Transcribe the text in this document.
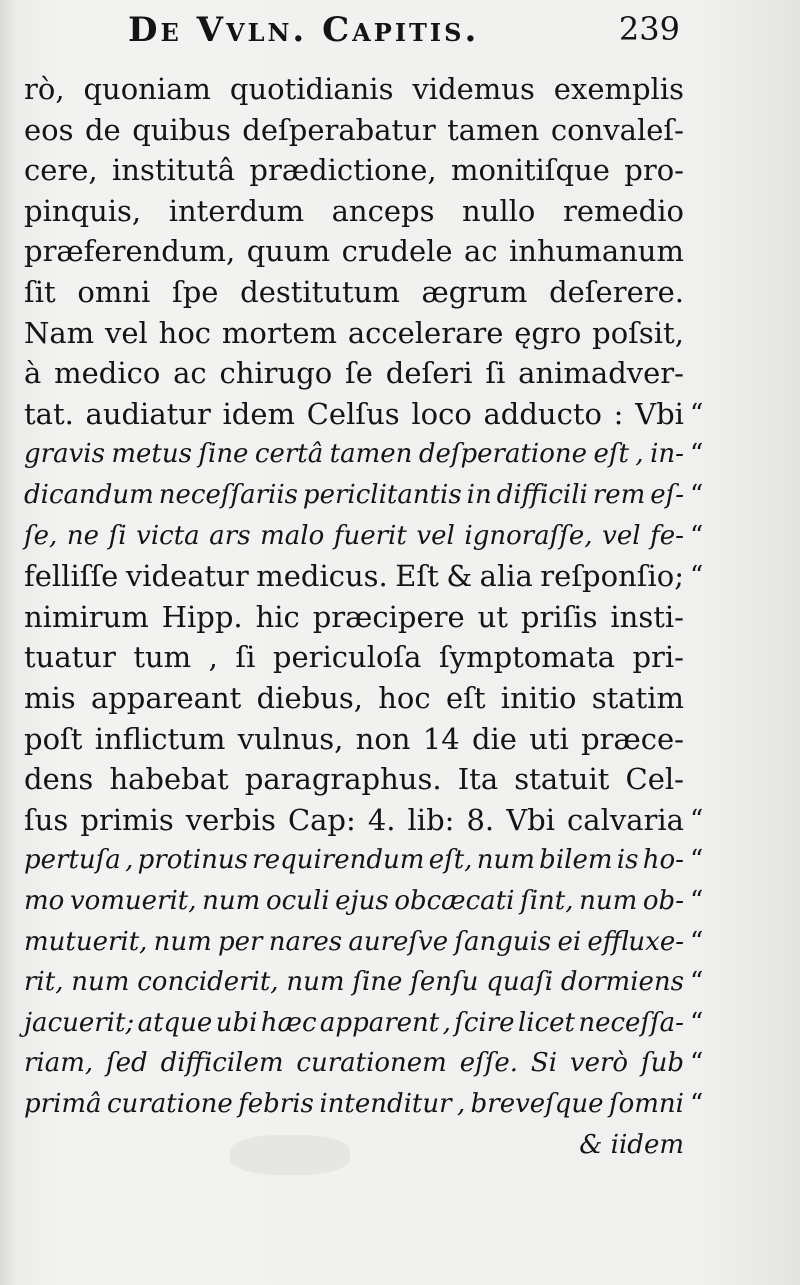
De Vvln. Capitis.	239
rò, quoniam quotidianis videmus exemplis
eos de quibus deſperabatur tamen convaleſ-
cere, institutâ prædictione, monitiſque pro-
pinquis, interdum anceps nullo remedio
præferendum, quum crudele ac inhumanum
ſit omni ſpe destitutum ægrum deſerere.
Nam vel hoc mortem accelerare ęgro poſsit,
à medico ac chirugo ſe deſeri ſi animadver-
tat. audiatur idem Celſus loco adducto : Vbi
gravis metus ſine certâ tamen deſperatione eſt , in-
dicandum neceſſariis periclitantis in difficili rem eſ-
ſe, ne ſi victa ars malo fuerit vel ignoraſſe, vel fe-
felliſſe videatur medicus. Eſt & alia reſponſio;
nimirum Hipp. hic præcipere ut priſis insti-
tuatur tum , ſi periculoſa ſymptomata pri-
mis appareant diebus, hoc eſt initio statim
poſt inflictum vulnus, non 14 die uti præce-
dens habebat paragraphus. Ita statuit Cel-
ſus primis verbis Cap: 4. lib: 8. Vbi calvaria
pertuſa , protinus requirendum eſt, num bilem is ho-
mo vomuerit, num oculi ejus obcæcati ſint, num ob-
mutuerit, num per nares aureſve ſanguis ei effluxe-
rit, num conciderit, num ſine ſenſu quaſi dormiens
jacuerit; atque ubi hæc apparent , ſcire licet neceſſa-
riam, ſed difficilem curationem eſſe. Si verò ſub
primâ curatione febris intenditur , breveſque ſomni
& iidem
“
“
“
“
“
“
“
“
“
“
“
“
“
